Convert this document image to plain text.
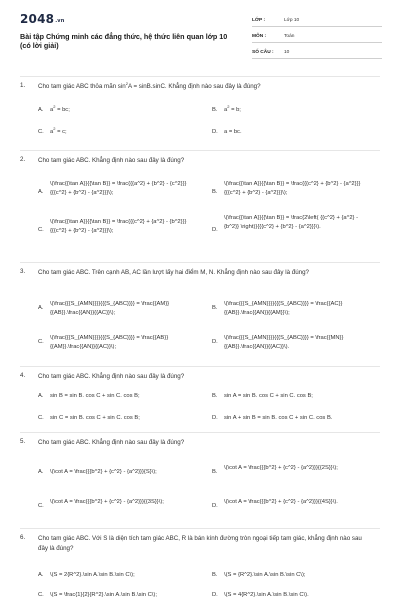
2048.vn
Bài tập Chứng minh các đẳng thức, hệ thức liên quan lớp 10 (có lời giải)
LỚP :	Lớp 10
MÔN :	Toán
SỐ CÂU :	10
1. Cho tam giác ABC thỏa mãn $\sin^2A = \sin B.\sin C$. Khẳng định nào sau đây là đúng?
A.	$a^2$ = bc;	B.	$a^2 = b$;
C.	$a^2 = c$;	D.	a = bc.
2. Cho tam giác ABC. Khẳng định nào sau đây là đúng?
A.
\(\frac{{\tan A}}{{\tan B}} = \frac{{{a^2} + {b^2} - {c^2}}}{{{c^2} + {b^2} - {a^2}}}\);	B.
\(\frac{{\tan A}}{{\tan B}} = \frac{{{c^2} + {b^2} - {a^2}}}{{{c^2} + {b^2} - {a^2}}}\);
C.
\(\frac{{\tan A}}{{\tan B}} = \frac{{{c^2} + {a^2} - {b^2}}}{{{c^2} + {b^2} - {a^2}}}\);	D.
\(\frac{{\tan A}}{{\tan B}} = \frac{2\left( {{c^2} + {a^2} - {b^2}} \right)}{{{c^2} + {b^2} - {a^2}}}\).
3. Cho tam giác ABC. Trên cạnh AB, AC lần lượt lấy hai điểm M, N. Khẳng định nào sau đây là đúng?
A.
\(\frac{{{S_{AMN}}}}{{{S_{ABC}}}} = \frac{{AM}}{{AB}}.\frac{{AN}}{{AC}}\);
B.
\(\frac{{{S_{AMN}}}}{{{S_{ABC}}}} = \frac{{AC}}{{AB}}.\frac{{AN}}{{AM}}\);
C.
\(\frac{{{S_{AMN}}}}{{{S_{ABC}}}} = \frac{{AB}}{{AM}}.\frac{{AN}}{{AC}}\);
D.
\(\frac{{{S_{AMN}}}}{{{S_{ABC}}}} = \frac{{MN}}{{AB}}.\frac{{AN}}{{AC}}\).
4. Cho tam giác ABC. Khẳng định nào sau đây là đúng?
A.	sin B = sin B. cos C + sin C. cos B;	B.	sin A = sin B. cos C + sin C. cos B;
C.	sin C = sin B. cos C + sin C. cos B;	D.	sin A + sin B = sin B. cos C + sin C. cos B.
5. Cho tam giác ABC. Khẳng định nào sau đây là đúng?
A.	\(\cot A = \frac{{{b^2} + {c^2} - {a^2}}}{S}\);	B.
\(\cot A = \frac{{{b^2} + {c^2} - {a^2}}}{{2S}}\);
C.
\(\cot A = \frac{{{b^2} + {c^2} - {a^2}}}{{3S}}\);
D.
\(\cot A = \frac{{{b^2} + {c^2} - {a^2}}}{{4S}}\).
6. Cho tam giác ABC. Với S là diện tích tam giác ABC, R là bán kính đường tròn ngoại tiếp tam giác, khẳng định nào sau đây là đúng?
A.	\(S = 2{R^2}.\sin A.\sin B.\sin C\);	B.	\(S = {R^2}.\sin A.\sin B.\sin C\);
C.	\(S = \frac{1}{2}{R^2}.\sin A.\sin B.\sin C\);	D.	\(S = 4{R^2}.\sin A.\sin B.\sin C\).
